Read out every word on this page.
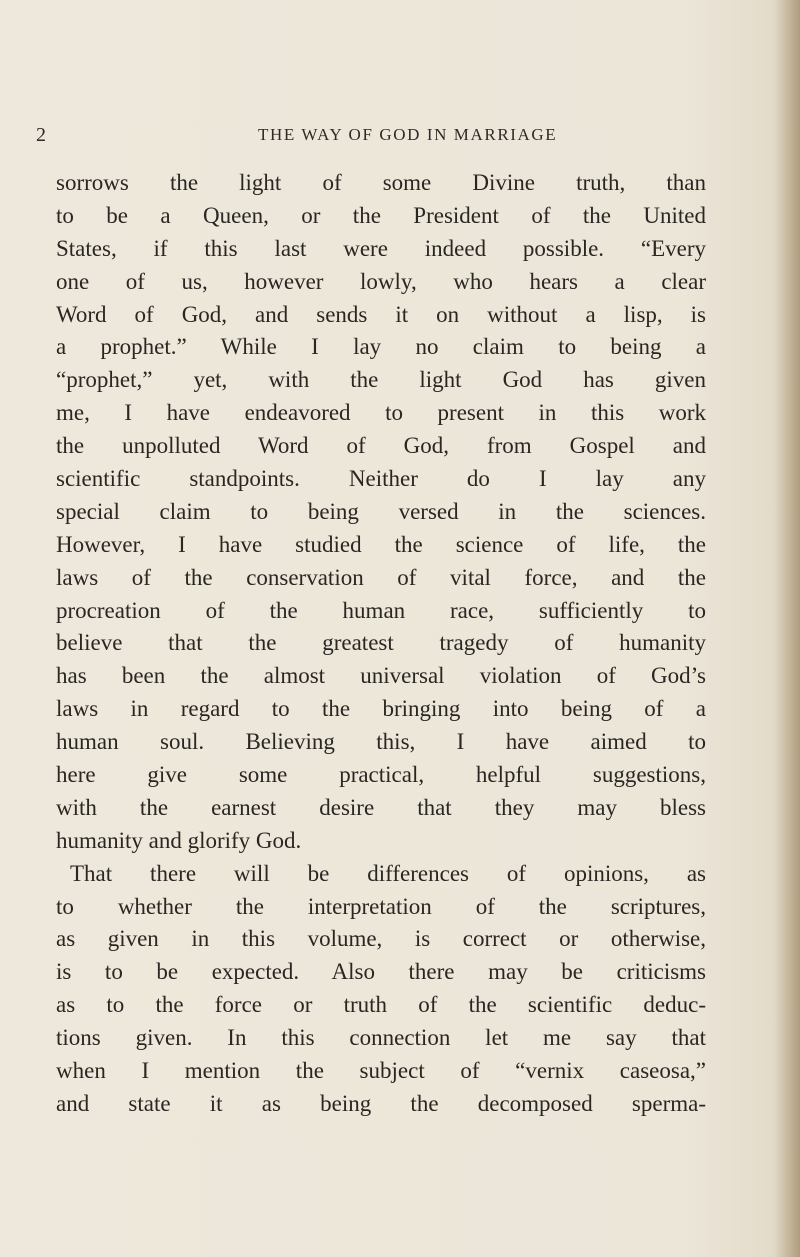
2	THE WAY OF GOD IN MARRIAGE
sorrows the light of some Divine truth, than
to be a Queen, or the President of the United
States, if this last were indeed possible. “Every
one of us, however lowly, who hears a clear
Word of God, and sends it on without a lisp, is
a prophet.” While I lay no claim to being a
“prophet,” yet, with the light God has given
me, I have endeavored to present in this work
the unpolluted Word of God, from Gospel and
scientific standpoints. Neither do I lay any
special claim to being versed in the sciences.
However, I have studied the science of life, the
laws of the conservation of vital force, and the
procreation of the human race, sufficiently to
believe that the greatest tragedy of humanity
has been the almost universal violation of God’s
laws in regard to the bringing into being of a
human soul. Believing this, I have aimed to
here give some practical, helpful suggestions,
with the earnest desire that they may bless
humanity and glorify God.
That there will be differences of opinions, as
to whether the interpretation of the scriptures,
as given in this volume, is correct or otherwise,
is to be expected. Also there may be criticisms
as to the force or truth of the scientific deduc-
tions given. In this connection let me say that
when I mention the subject of “vernix caseosa,”
and state it as being the decomposed sperma-
